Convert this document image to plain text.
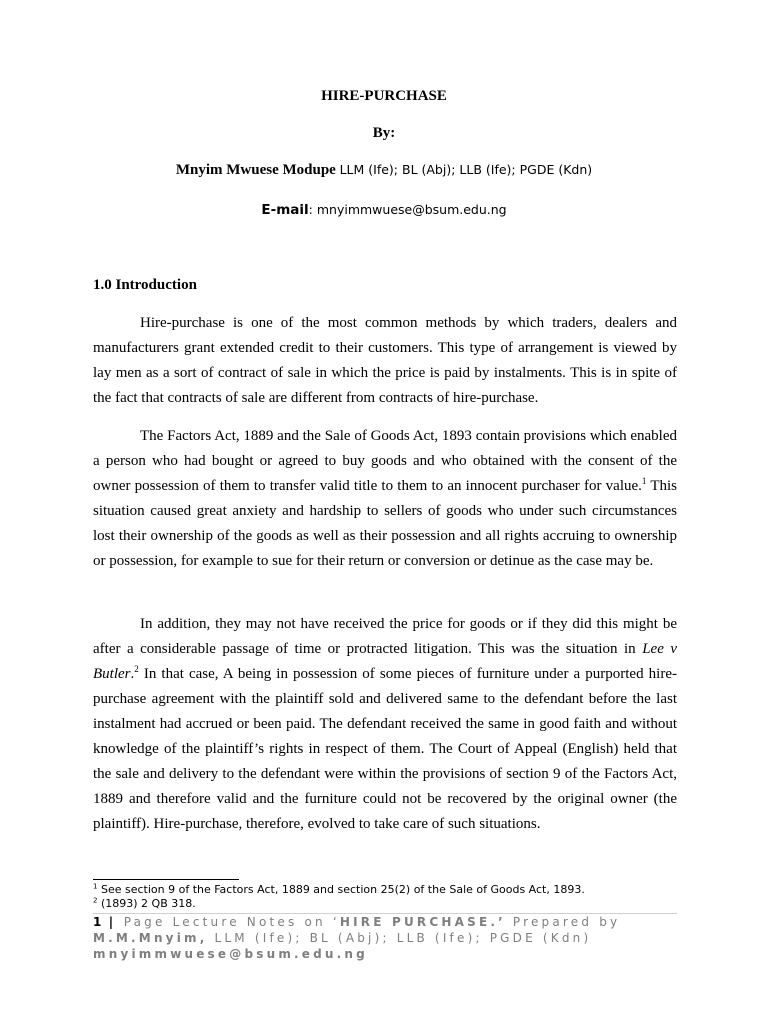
HIRE-PURCHASE
By:
Mnyim Mwuese Modupe LLM (Ife); BL (Abj); LLB (Ife); PGDE (Kdn)
E-mail: mnyimmwuese@bsum.edu.ng
1.0 Introduction

Hire-purchase is one of the most common methods by which traders, dealers and manufacturers grant extended credit to their customers. This type of arrangement is viewed by lay men as a sort of contract of sale in which the price is paid by instalments. This is in spite of the fact that contracts of sale are different from contracts of hire-purchase.

The Factors Act, 1889 and the Sale of Goods Act, 1893 contain provisions which enabled a person who had bought or agreed to buy goods and who obtained with the consent of the owner possession of them to transfer valid title to them to an innocent purchaser for value.$^1$ This situation caused great anxiety and hardship to sellers of goods who under such circumstances lost their ownership of the goods as well as their possession and all rights accruing to ownership or possession, for example to sue for their return or conversion or detinue as the case may be.

In addition, they may not have received the price for goods or if they did this might be after a considerable passage of time or protracted litigation. This was the situation in Lee v Butler.$^2$ In that case, A being in possession of some pieces of furniture under a purported hire-purchase agreement with the plaintiff sold and delivered same to the defendant before the last instalment had accrued or been paid. The defendant received the same in good faith and without knowledge of the plaintiff’s rights in respect of them. The Court of Appeal (English) held that the sale and delivery to the defendant were within the provisions of section 9 of the Factors Act, 1889 and therefore valid and the furniture could not be recovered by the original owner (the plaintiff). Hire-purchase, therefore, evolved to take care of such situations.

$^1$ See section 9 of the Factors Act, 1889 and section 25(2) of the Sale of Goods Act, 1893.
$^2$ (1893) 2 QB 318.
1 | Page Lecture Notes on ‘HIRE PURCHASE.’ Prepared by M.M.Mnyim, LLM (Ife); BL (Abj); LLB (Ife); PGDE (Kdn) mnyimmwuese@bsum.edu.ng
